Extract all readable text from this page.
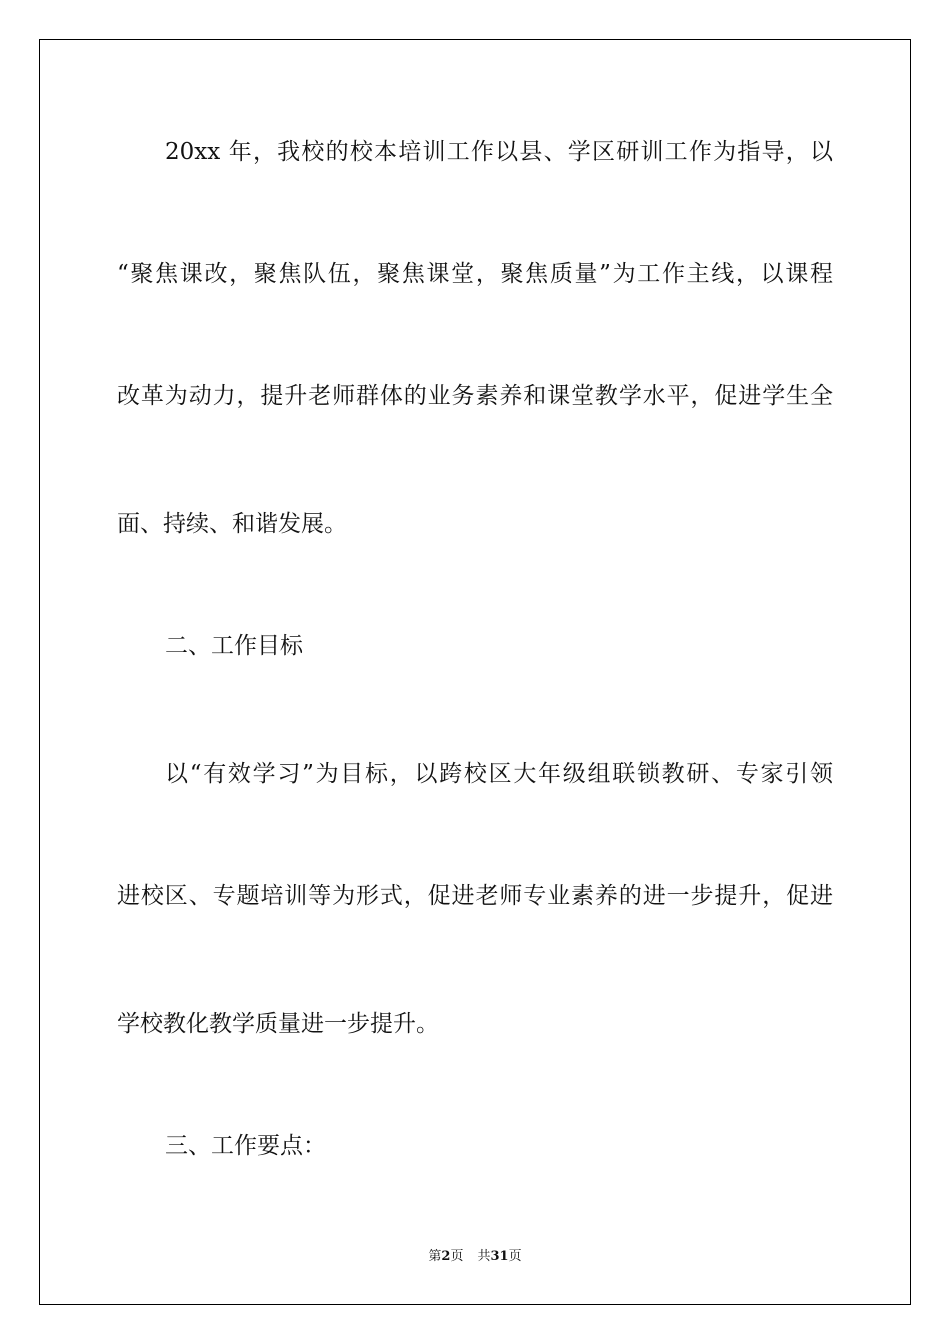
20xx 年，我校的校本培训工作以县、学区研训工作为指导，以
“聚焦课改，聚焦队伍，聚焦课堂，聚焦质量”为工作主线，以课程
改革为动力，提升老师群体的业务素养和课堂教学水平，促进学生全
面、持续、和谐发展。
二、工作目标
以“有效学习”为目标，以跨校区大年级组联锁教研、专家引领
进校区、专题培训等为形式，促进老师专业素养的进一步提升，促进
学校教化教学质量进一步提升。
三、工作要点：
第2页 共31页
